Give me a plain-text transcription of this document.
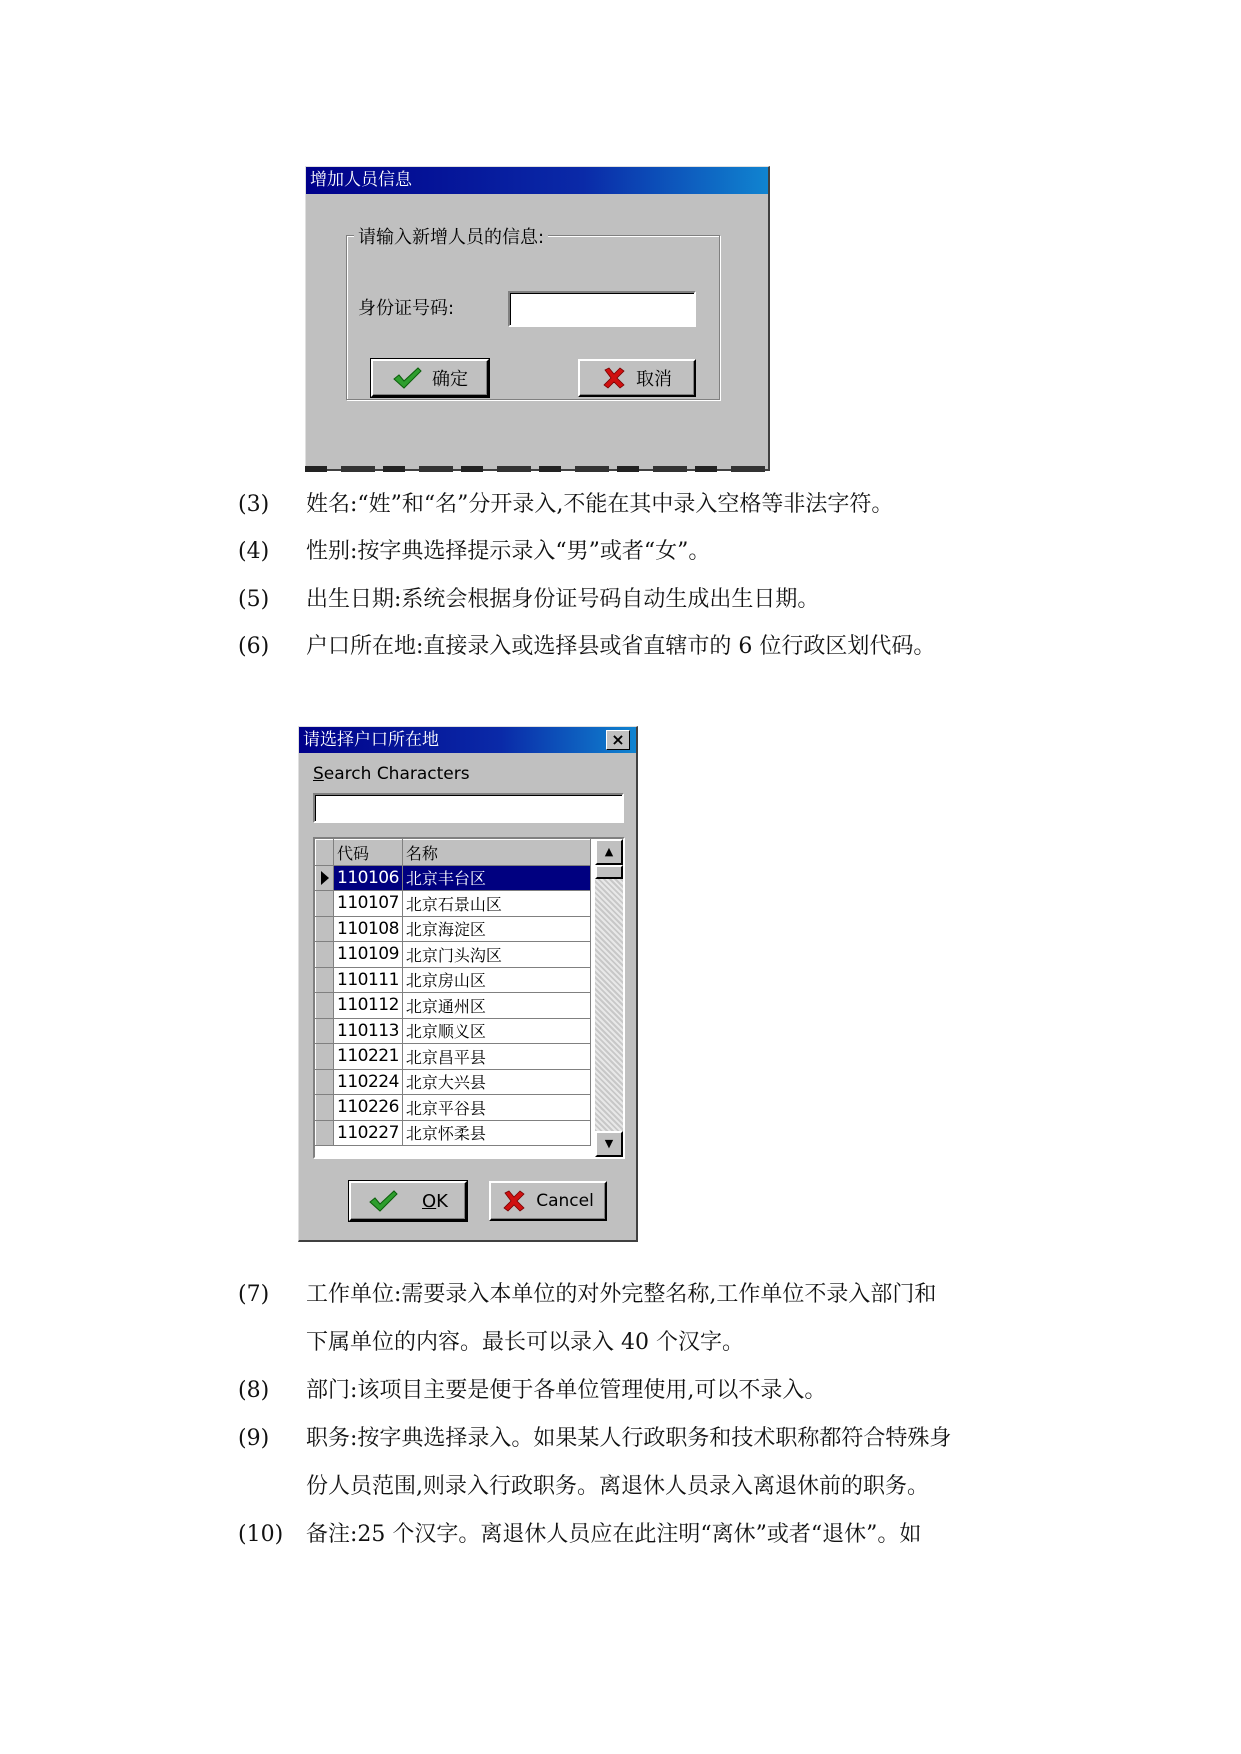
增加人员信息
请输入新增人员的信息:
身份证号码:
确定	取消
(3) 姓名:“姓”和“名”分开录入,不能在其中录入空格等非法字符。
(4) 性别:按字典选择提示录入“男”或者“女”。
(5) 出生日期:系统会根据身份证号码自动生成出生日期。
(6) 户口所在地:直接录入或选择县或省直辖市的 6 位行政区划代码。
请选择户口所在地	×
Search Characters
	代码	名称

	110106	北京丰台区
	110107	北京石景山区
	110108	北京海淀区
	110109	北京门头沟区
	110111	北京房山区
	110112	北京通州区
	110113	北京顺义区
	110221	北京昌平县
	110224	北京大兴县
	110226	北京平谷县
	110227	北京怀柔县
▲
▼
OK	Cancel
(7) 工作单位:需要录入本单位的对外完整名称,工作单位不录入部门和
下属单位的内容。最长可以录入 40 个汉字。
(8) 部门:该项目主要是便于各单位管理使用,可以不录入。
(9) 职务:按字典选择录入。如果某人行政职务和技术职称都符合特殊身
份人员范围,则录入行政职务。离退休人员录入离退休前的职务。
(10) 备注:25 个汉字。离退休人员应在此注明“离休”或者“退休”。如
